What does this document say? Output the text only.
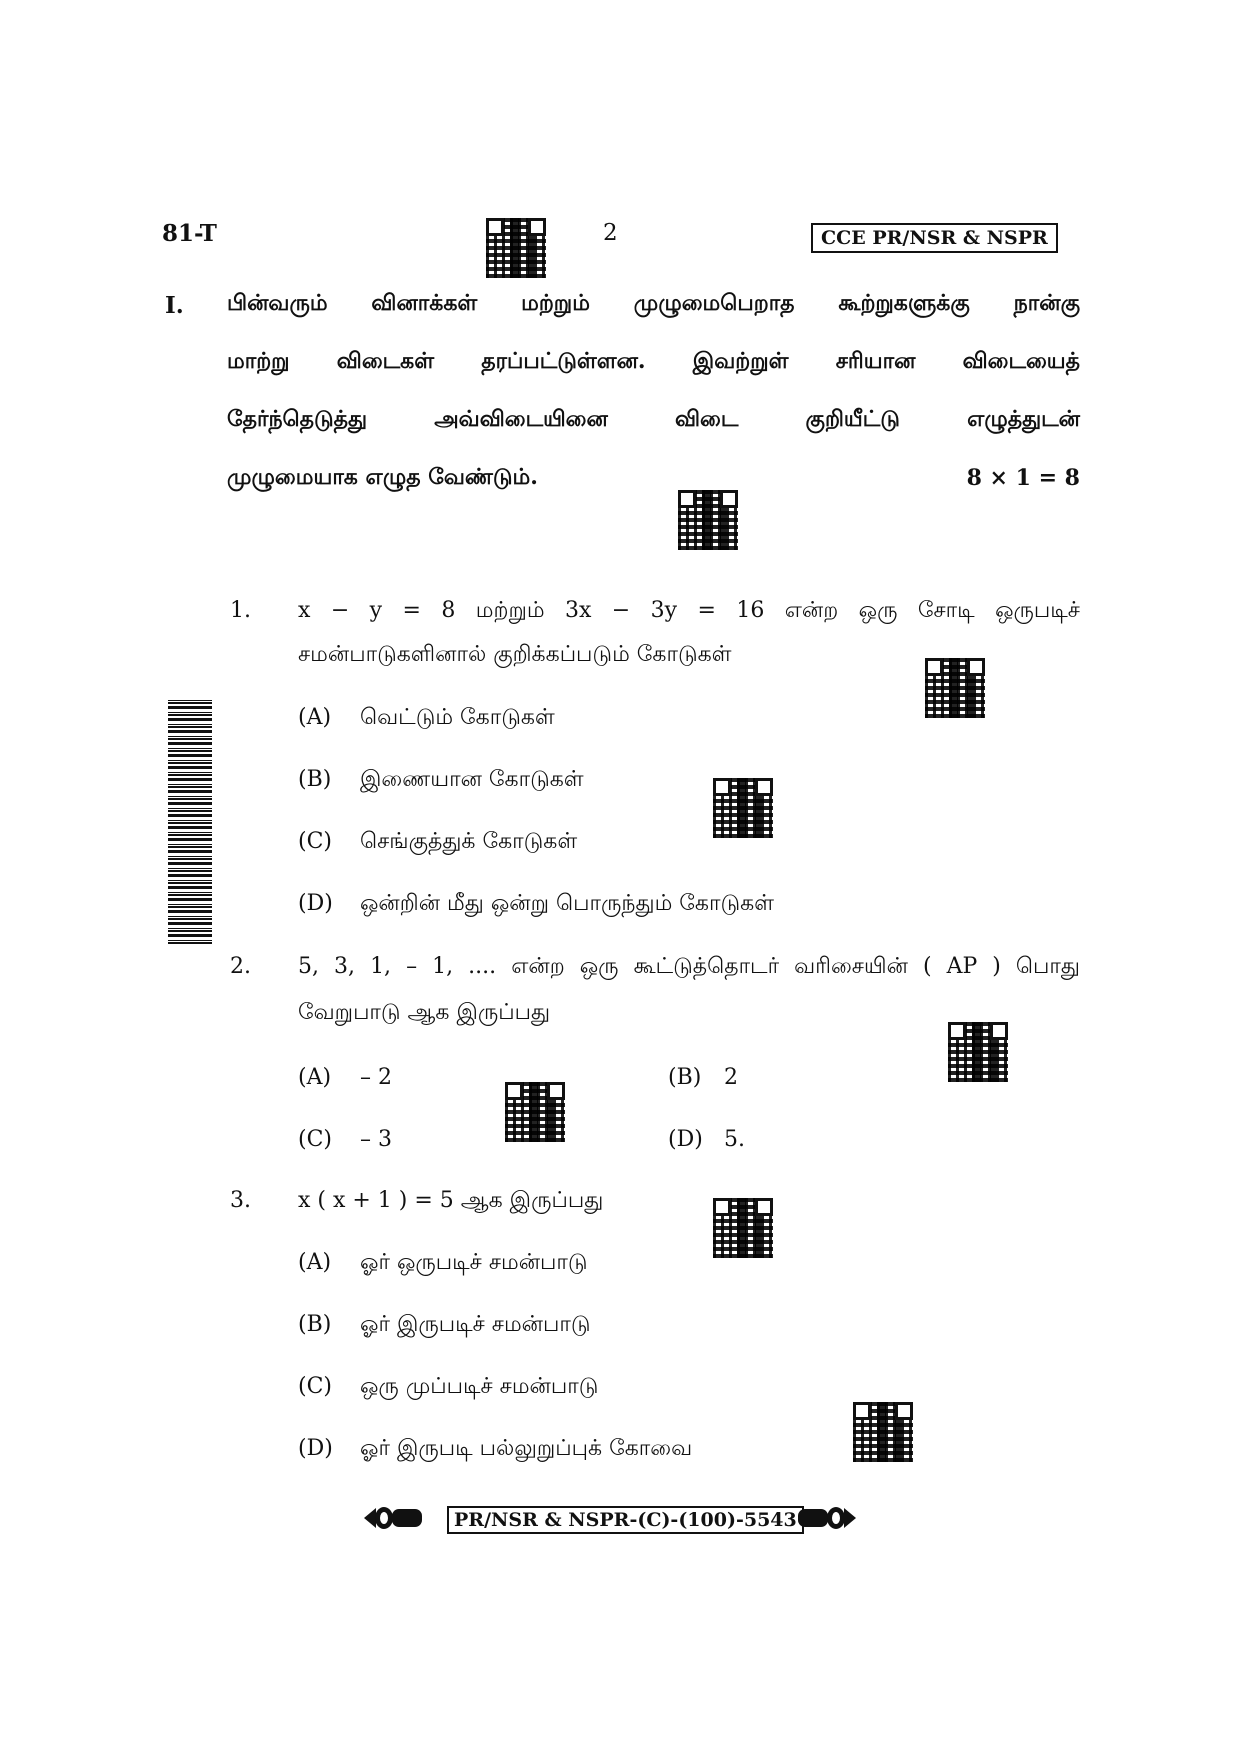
81-T	2	CCE PR/NSR & NSPR
I. பின்வரும் வினாக்கள் மற்றும் முழுமைபெறாத கூற்றுகளுக்கு நான்கு
மாற்று விடைகள் தரப்பட்டுள்ளன. இவற்றுள் சரியான விடையைத்
தேர்ந்தெடுத்து அவ்விடையினை விடை குறியீட்டு எழுத்துடன்
முழுமையாக எழுத வேண்டும்.	8 × 1 = 8
1. x − y = 8 மற்றும் 3x − 3y = 16 என்ற ஒரு சோடி ஒருபடிச்
சமன்பாடுகளினால் குறிக்கப்படும் கோடுகள்
(A) வெட்டும் கோடுகள்
(B) இணையான கோடுகள்
(C) செங்குத்துக் கோடுகள்
(D) ஒன்றின் மீது ஒன்று பொருந்தும் கோடுகள்
2. 5, 3, 1, – 1, .... என்ற ஒரு கூட்டுத்தொடர் வரிசையின் ( AP ) பொது
வேறுபாடு ஆக இருப்பது
(A) – 2	(B) 2
(C) – 3	(D) 5.
3. x ( x + 1 ) = 5 ஆக இருப்பது
(A) ஓர் ஒருபடிச் சமன்பாடு
(B) ஓர் இருபடிச் சமன்பாடு
(C) ஒரு முப்படிச் சமன்பாடு
(D) ஓர் இருபடி பல்லுறுப்புக் கோவை
PR/NSR & NSPR-(C)-(100)-5543
